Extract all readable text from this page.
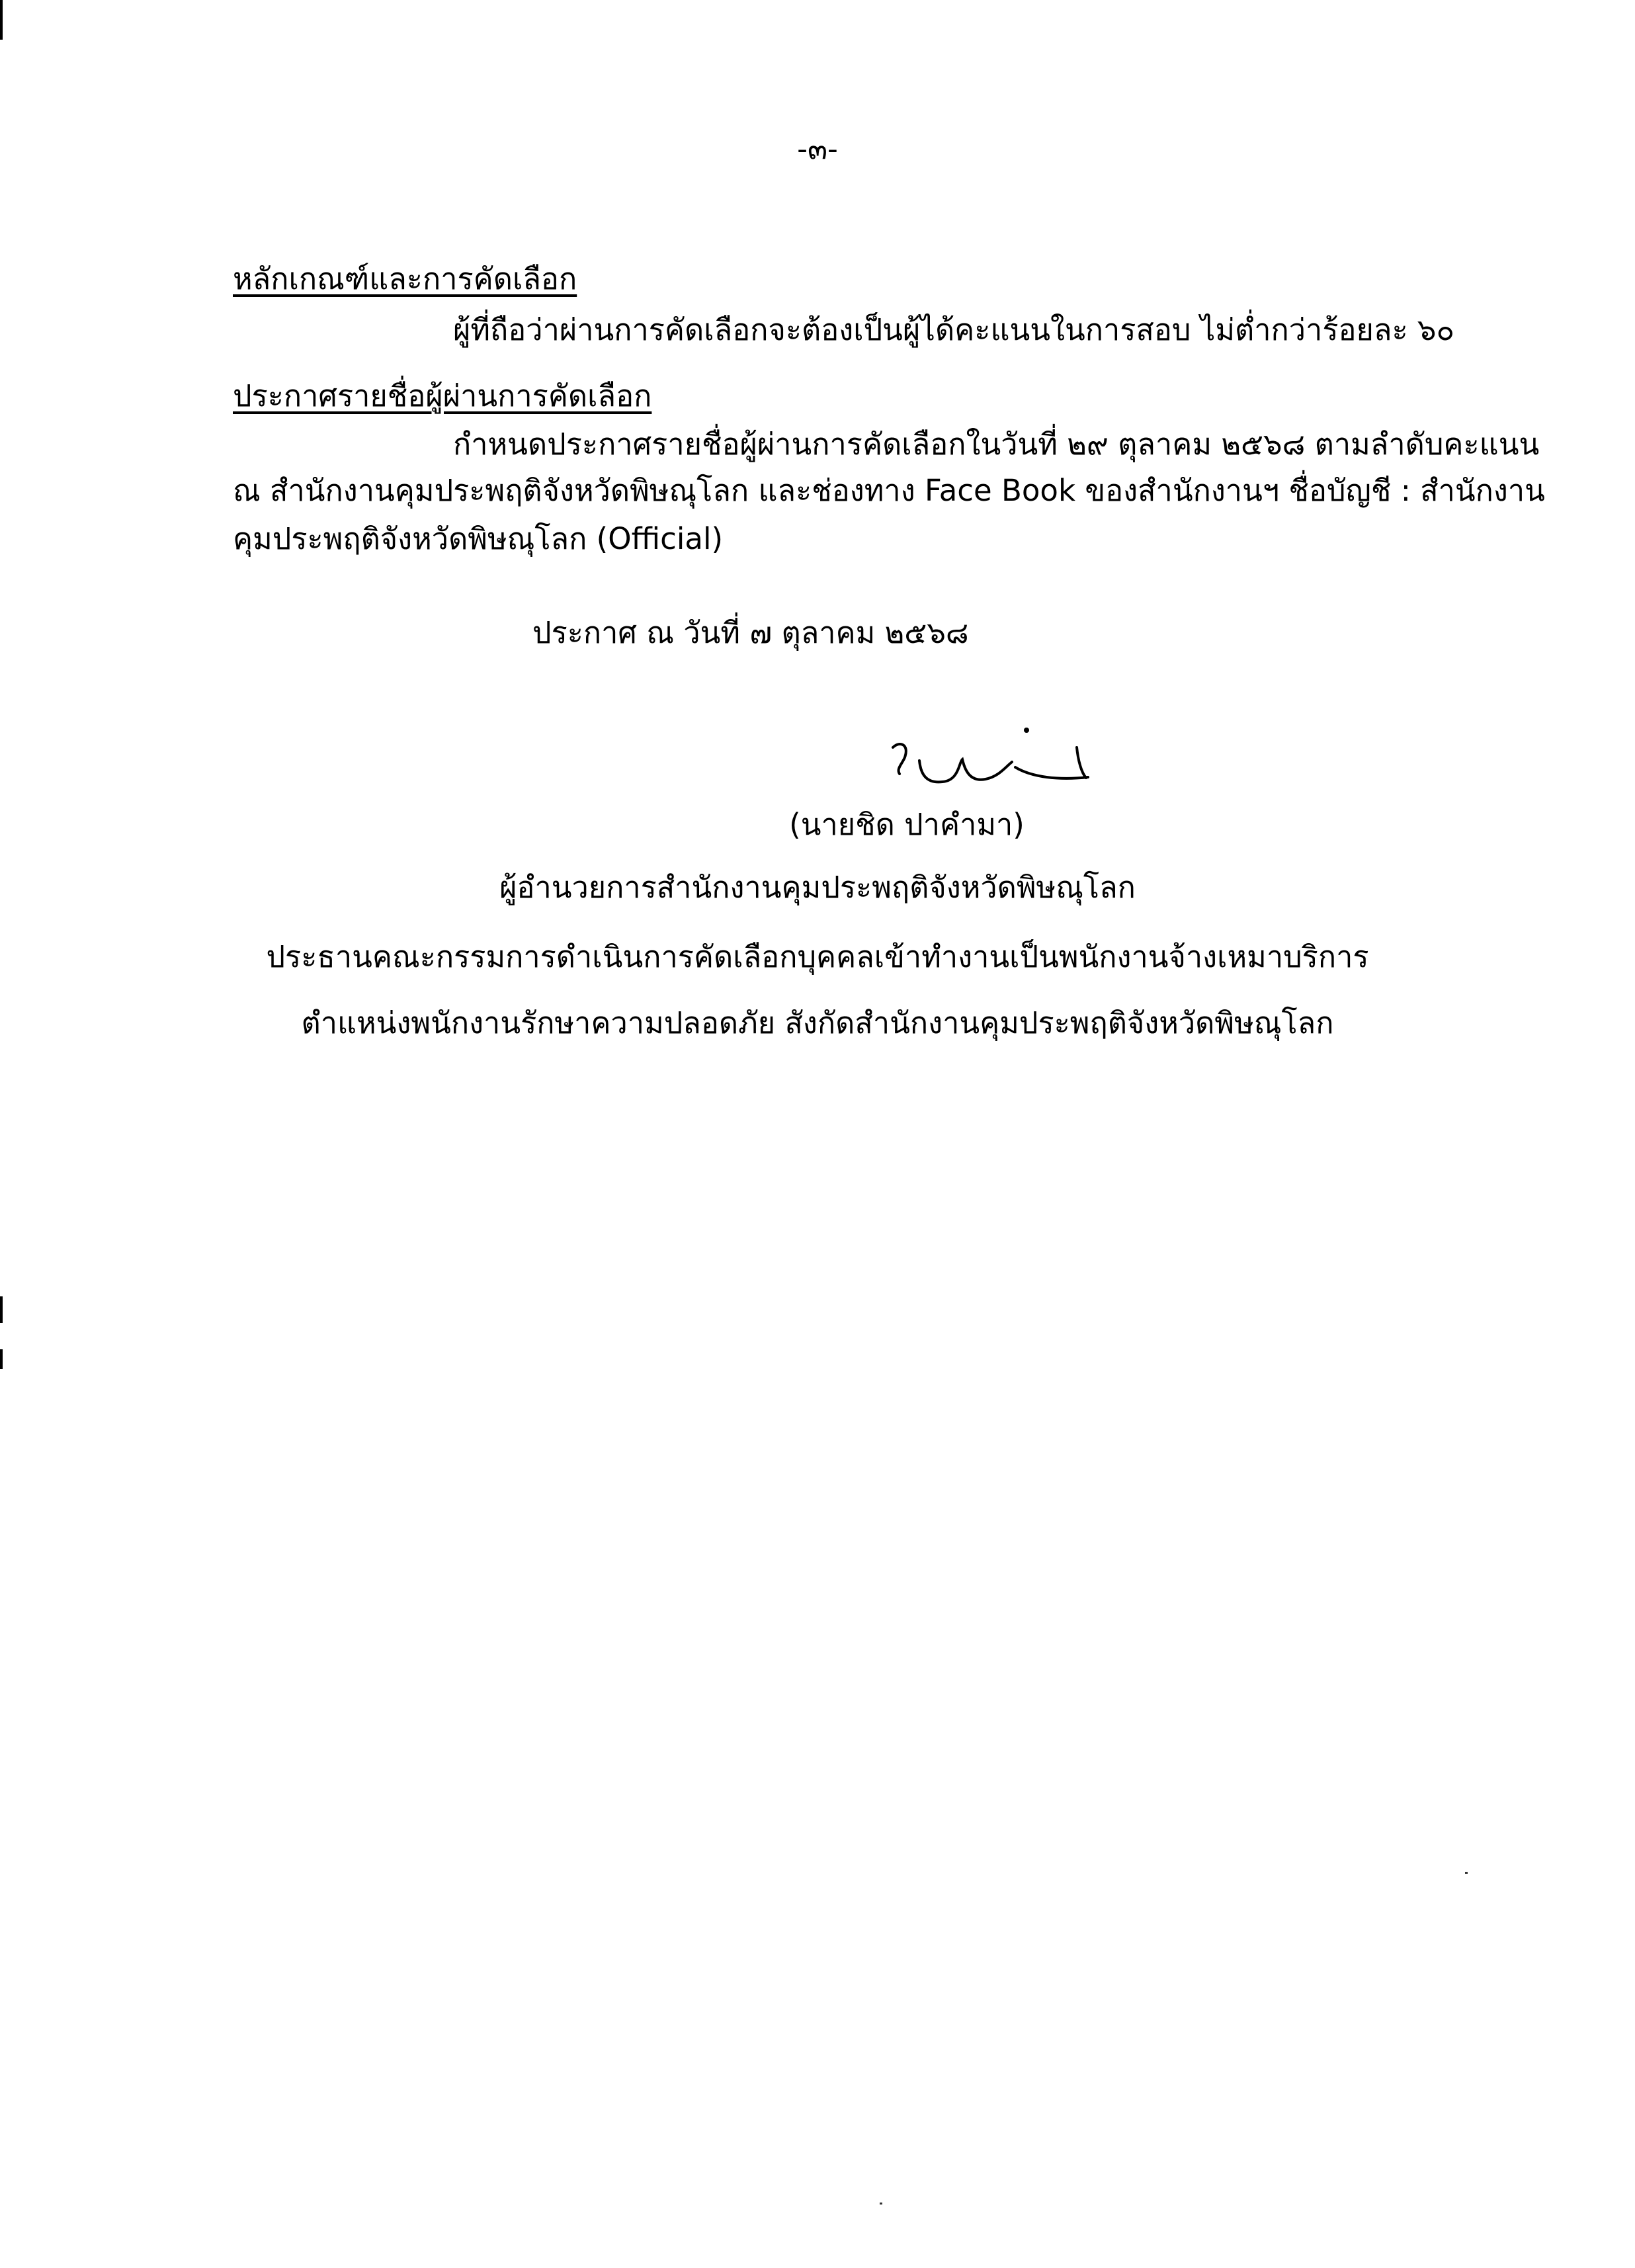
-๓-
หลักเกณฑ์และการคัดเลือก
ผู้ที่ถือว่าผ่านการคัดเลือกจะต้องเป็นผู้ได้คะแนนในการสอบ ไม่ต่ำกว่าร้อยละ ๖๐
ประกาศรายชื่อผู้ผ่านการคัดเลือก
กำหนดประกาศรายชื่อผู้ผ่านการคัดเลือกในวันที่ ๒๙ ตุลาคม ๒๕๖๘ ตามลำดับคะแนน
ณ สำนักงานคุมประพฤติจังหวัดพิษณุโลก และช่องทาง Face Book ของสำนักงานฯ ชื่อบัญชี : สำนักงาน
คุมประพฤติจังหวัดพิษณุโลก (Official)
ประกาศ ณ วันที่ ๗ ตุลาคม ๒๕๖๘
(นายชิด ปาคำมา)
ผู้อำนวยการสำนักงานคุมประพฤติจังหวัดพิษณุโลก
ประธานคณะกรรมการดำเนินการคัดเลือกบุคคลเข้าทำงานเป็นพนักงานจ้างเหมาบริการ
ตำแหน่งพนักงานรักษาความปลอดภัย สังกัดสำนักงานคุมประพฤติจังหวัดพิษณุโลก
